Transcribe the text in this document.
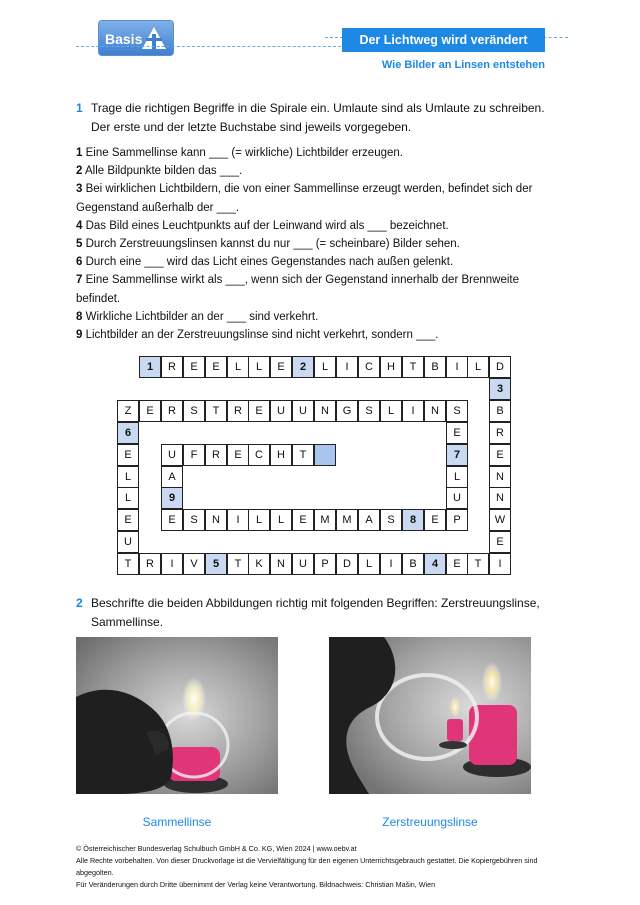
Basis	Der Lichtweg wird verändert
Wie Bilder an Linsen entstehen
1 Trage die richtigen Begriffe in die Spirale ein. Umlaute sind als Umlaute zu schreiben.
Der erste und der letzte Buchstabe sind jeweils vorgegeben.
1 Eine Sammellinse kann ___ (= wirkliche) Lichtbilder erzeugen.
2 Alle Bildpunkte bilden das ___.
3 Bei wirklichen Lichtbildern, die von einer Sammellinse erzeugt werden, befindet sich der Gegenstand außerhalb der ___.
4 Das Bild eines Leuchtpunkts auf der Leinwand wird als ___ bezeichnet.
5 Durch Zerstreuungslinsen kannst du nur ___ (= scheinbare) Bilder sehen.
6 Durch eine ___ wird das Licht eines Gegenstandes nach außen gelenkt.
7 Eine Sammellinse wirkt als ___, wenn sich der Gegenstand innerhalb der Brennweite befindet.
8 Wirkliche Lichtbilder an der ___ sind verkehrt.
9 Lichtbilder an der Zerstreuungslinse sind nicht verkehrt, sondern ___.
1	R	E	E	L	L	E	2	L	I	C	H	T	B	I	L	D
3
Z	E	R	S	T	R	E	U	U	N	G	S	L	I	N	S	B
6	E	R
E	U	F	R	E	C	H	T	7	E
L	A	L	N
L	9	U	N
E	E	S	N	I	L	L	E	M	M	A	S	8	E	P	W
U	E
T	R	I	V	5	T	K	N	U	P	D	L	I	B	4	E	T	I
2 Beschrifte die beiden Abbildungen richtig mit folgenden Begriffen: Zerstreuungslinse,
Sammellinse.
Sammellinse	Zerstreuungslinse
© Österreichischer Bundesverlag Schulbuch GmbH & Co. KG, Wien 2024 | www.oebv.at
Alle Rechte vorbehalten. Von dieser Druckvorlage ist die Vervielfältigung für den eigenen Unterrichtsgebrauch gestattet. Die Kopiergebühren sind abgegolten.
Für Veränderungen durch Dritte übernimmt der Verlag keine Verantwortung. Bildnachweis: Christian Mašin, Wien
